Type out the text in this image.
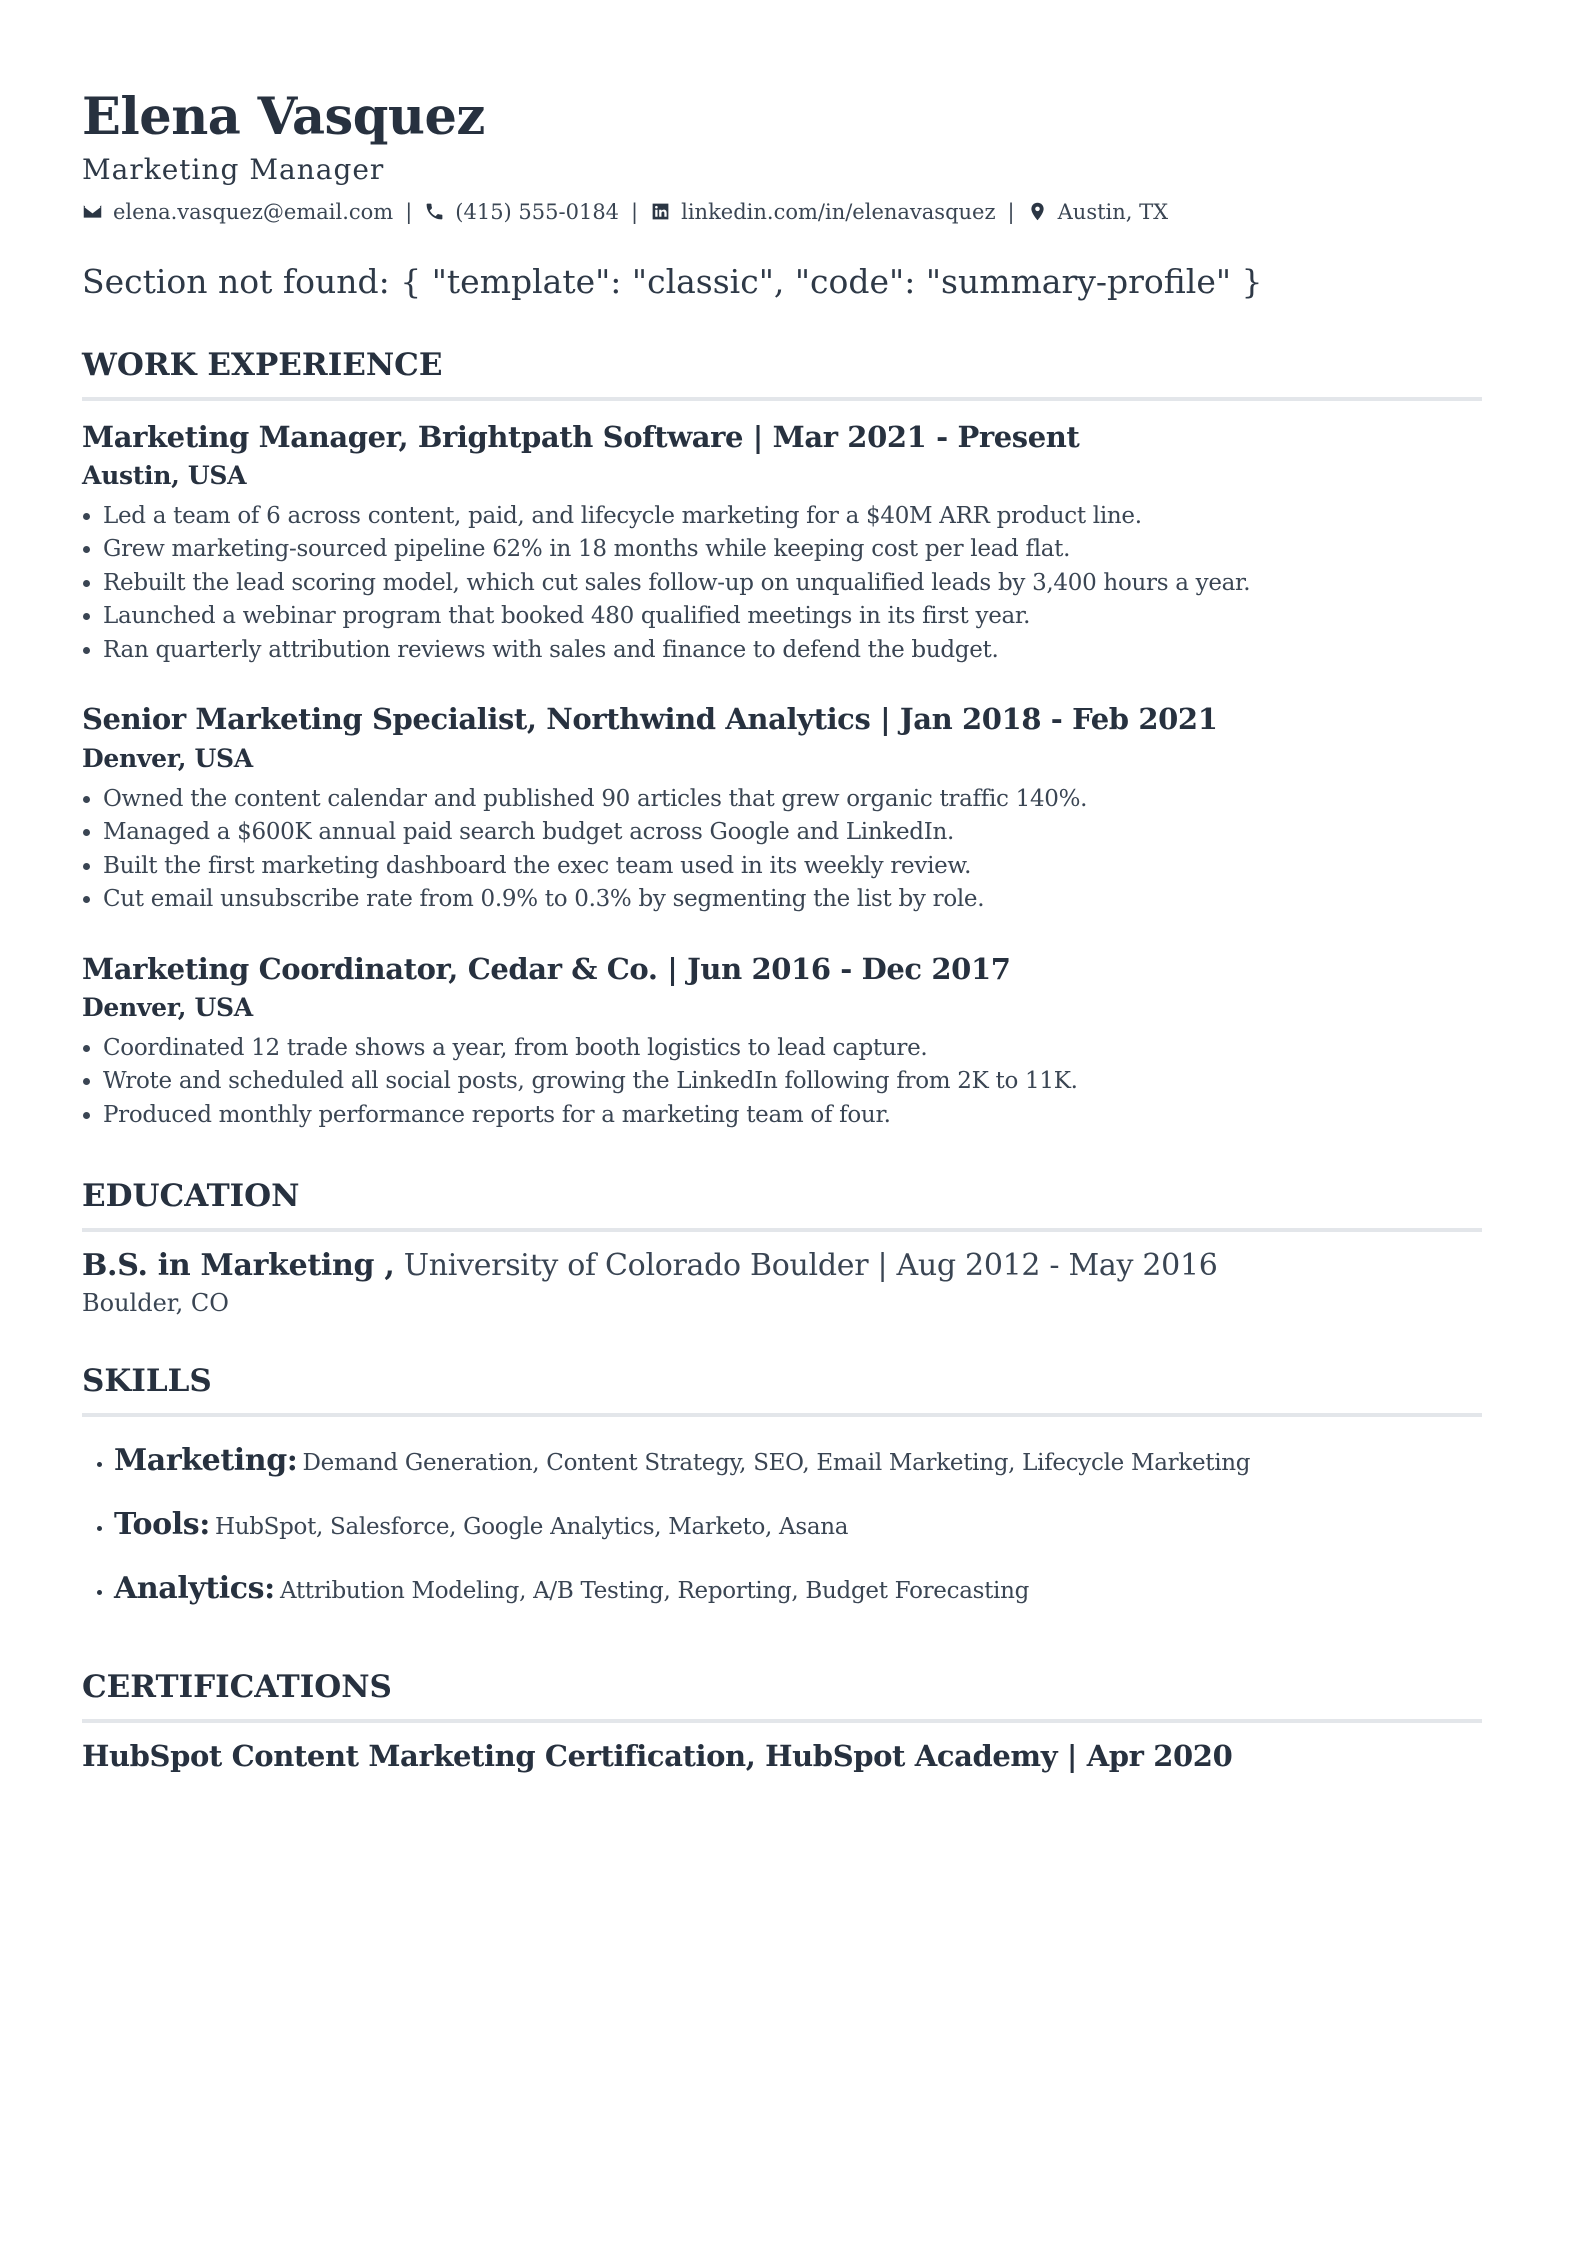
Elena Vasquez
Marketing Manager
elena.vasquez@email.com | (415) 555-0184 | linkedin.com/in/elenavasquez | Austin, TX
Section not found: { "template": "classic", "code": "summary-profile" }
WORK EXPERIENCE
Marketing Manager, Brightpath Software | Mar 2021 - Present
Austin, USA
• Led a team of 6 across content, paid, and lifecycle marketing for a $40M ARR product line.
• Grew marketing-sourced pipeline 62% in 18 months while keeping cost per lead flat.
• Rebuilt the lead scoring model, which cut sales follow-up on unqualified leads by 3,400 hours a year.
• Launched a webinar program that booked 480 qualified meetings in its first year.
• Ran quarterly attribution reviews with sales and finance to defend the budget.
Senior Marketing Specialist, Northwind Analytics | Jan 2018 - Feb 2021
Denver, USA
• Owned the content calendar and published 90 articles that grew organic traffic 140%.
• Managed a $600K annual paid search budget across Google and LinkedIn.
• Built the first marketing dashboard the exec team used in its weekly review.
• Cut email unsubscribe rate from 0.9% to 0.3% by segmenting the list by role.
Marketing Coordinator, Cedar & Co. | Jun 2016 - Dec 2017
Denver, USA
• Coordinated 12 trade shows a year, from booth logistics to lead capture.
• Wrote and scheduled all social posts, growing the LinkedIn following from 2K to 11K.
• Produced monthly performance reports for a marketing team of four.
EDUCATION
B.S. in Marketing , University of Colorado Boulder | Aug 2012 - May 2016
Boulder, CO
SKILLS
• Marketing: Demand Generation, Content Strategy, SEO, Email Marketing, Lifecycle Marketing
• Tools: HubSpot, Salesforce, Google Analytics, Marketo, Asana
• Analytics: Attribution Modeling, A/B Testing, Reporting, Budget Forecasting
CERTIFICATIONS
HubSpot Content Marketing Certification, HubSpot Academy | Apr 2020
